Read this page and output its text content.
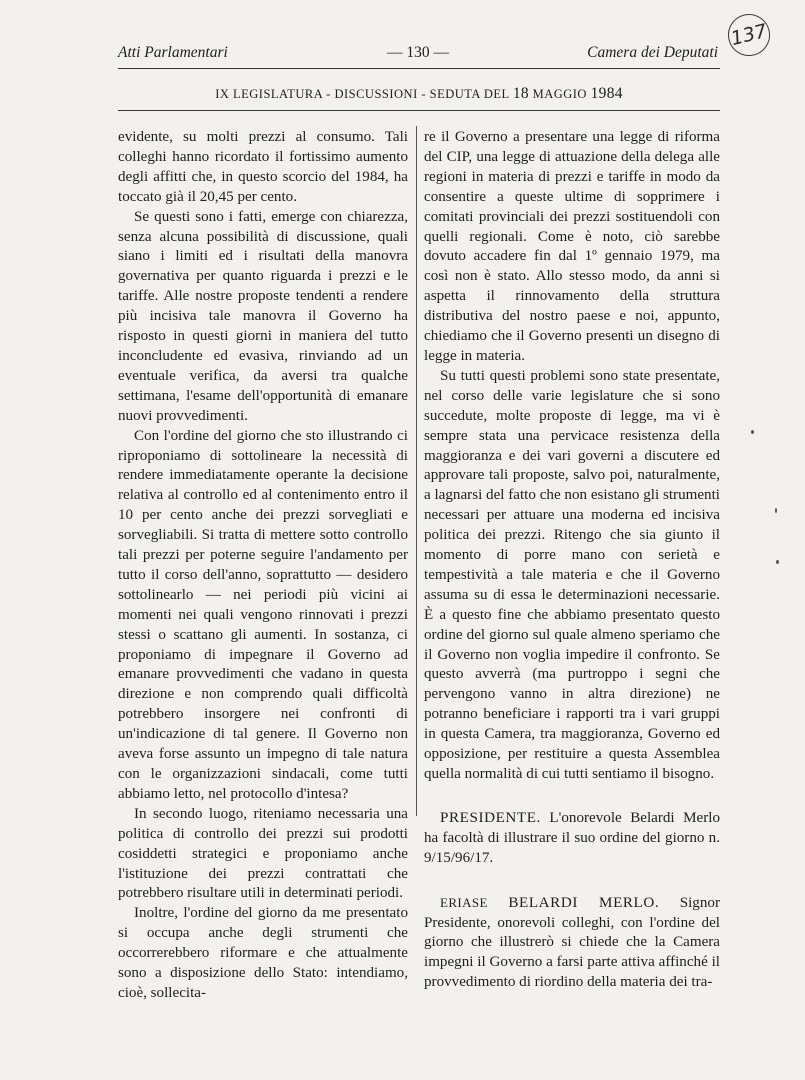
Atti Parlamentari	— 130 —	Camera dei Deputati
137
IX LEGISLATURA - DISCUSSIONI - SEDUTA DEL 18 MAGGIO 1984

evidente, su molti prezzi al consumo. Tali colleghi hanno ricordato il fortissimo aumento degli affitti che, in questo scorcio del 1984, ha toccato già il 20,45 per cento.

Se questi sono i fatti, emerge con chiarezza, senza alcuna possibilità di discussione, quali siano i limiti ed i risultati della manovra governativa per quanto riguarda i prezzi e le tariffe. Alle nostre proposte tendenti a rendere più incisiva tale manovra il Governo ha risposto in questi giorni in maniera del tutto inconcludente ed evasiva, rinviando ad un eventuale verifica, da aversi tra qualche settimana, l'esame dell'opportunità di emanare nuovi provvedimenti.

Con l'ordine del giorno che sto illustrando ci riproponiamo di sottolineare la necessità di rendere immediatamente operante la decisione relativa al controllo ed al contenimento entro il 10 per cento anche dei prezzi sorvegliati e sorvegliabili. Si tratta di mettere sotto controllo tali prezzi per poterne seguire l'andamento per tutto il corso dell'anno, soprattutto — desidero sottolinearlo — nei periodi più vicini ai momenti nei quali vengono rinnovati i prezzi stessi o scattano gli aumenti. In sostanza, ci proponiamo di impegnare il Governo ad emanare provvedimenti che vadano in questa direzione e non comprendo quali difficoltà potrebbero insorgere nei confronti di un'indicazione di tal genere. Il Governo non aveva forse assunto un impegno di tale natura con le organizzazioni sindacali, come tutti abbiamo letto, nel protocollo d'intesa?

In secondo luogo, riteniamo necessaria una politica di controllo dei prezzi sui prodotti cosiddetti strategici e proponiamo anche l'istituzione dei prezzi contrattati che potrebbero risultare utili in determinati periodi.

Inoltre, l'ordine del giorno da me presentato si occupa anche degli strumenti che occorrerebbero riformare e che attualmente sono a disposizione dello Stato: intendiamo, cioè, sollecita-

re il Governo a presentare una legge di riforma del CIP, una legge di attuazione della delega alle regioni in materia di prezzi e tariffe in modo da consentire a queste ultime di sopprimere i comitati provinciali dei prezzi sostituendoli con quelli regionali. Come è noto, ciò sarebbe dovuto accadere fin dal 1º gennaio 1979, ma così non è stato. Allo stesso modo, da anni si aspetta il rinnovamento della struttura distributiva del nostro paese e noi, appunto, chiediamo che il Governo presenti un disegno di legge in materia.

Su tutti questi problemi sono state presentate, nel corso delle varie legislature che si sono succedute, molte proposte di legge, ma vi è sempre stata una pervicace resistenza della maggioranza e dei vari governi a discutere ed approvare tali proposte, salvo poi, naturalmente, a lagnarsi del fatto che non esistano gli strumenti necessari per attuare una moderna ed incisiva politica dei prezzi. Ritengo che sia giunto il momento di porre mano con serietà e tempestività a tale materia e che il Governo assuma su di essa le determinazioni necessarie. È a questo fine che abbiamo presentato questo ordine del giorno sul quale almeno speriamo che il Governo non voglia impedire il confronto. Se questo avverrà (ma purtroppo i segni che pervengono vanno in altra direzione) ne potranno beneficiare i rapporti tra i vari gruppi in questa Camera, tra maggioranza, Governo ed opposizione, per restituire a questa Assemblea quella normalità di cui tutti sentiamo il bisogno.

PRESIDENTE. L'onorevole Belardi Merlo ha facoltà di illustrare il suo ordine del giorno n. 9/15/96/17.

ERIASE BELARDI MERLO. Signor Presidente, onorevoli colleghi, con l'ordine del giorno che illustrerò si chiede che la Camera impegni il Governo a farsi parte attiva affinché il provvedimento di riordino della materia dei tra-
